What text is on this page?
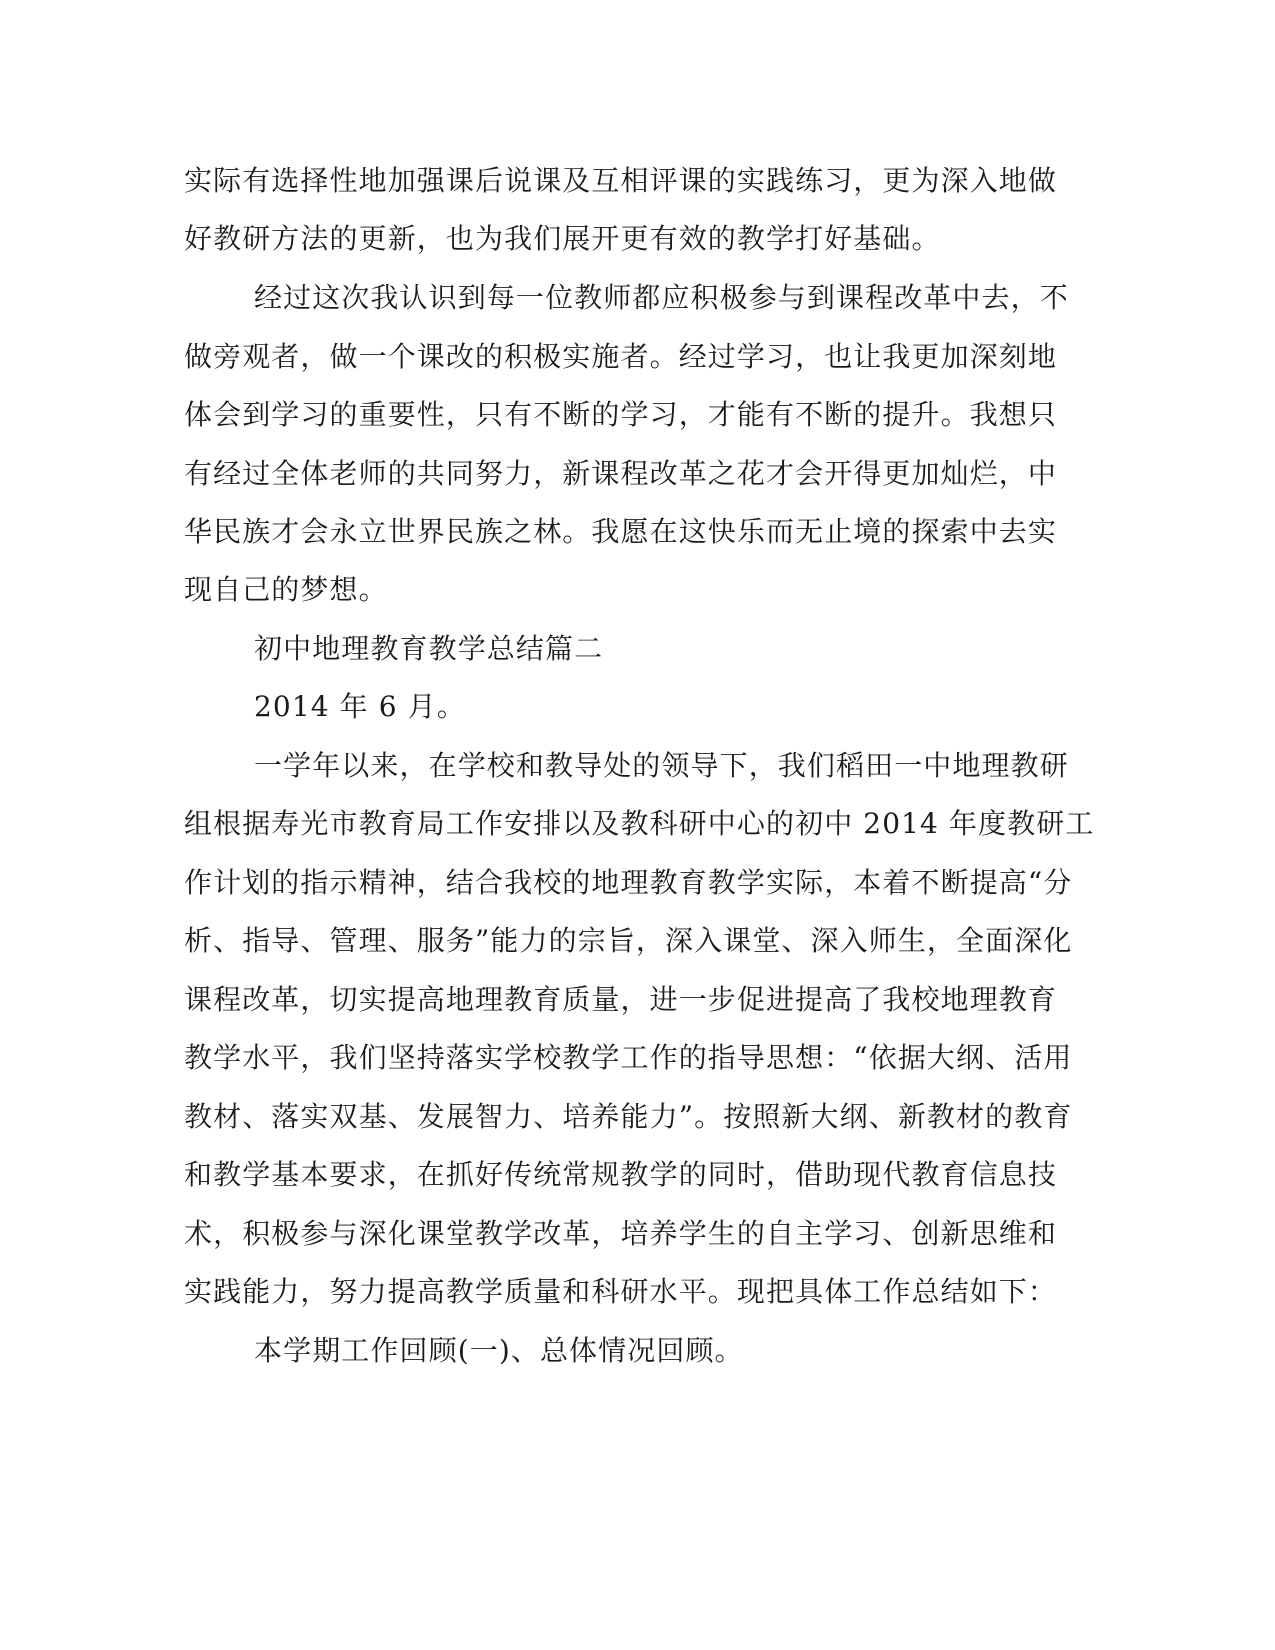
实际有选择性地加强课后说课及互相评课的实践练习，更为深入地做
好教研方法的更新，也为我们展开更有效的教学打好基础。
经过这次我认识到每一位教师都应积极参与到课程改革中去，不
做旁观者，做一个课改的积极实施者。经过学习，也让我更加深刻地
体会到学习的重要性，只有不断的学习，才能有不断的提升。我想只
有经过全体老师的共同努力，新课程改革之花才会开得更加灿烂，中
华民族才会永立世界民族之林。我愿在这快乐而无止境的探索中去实
现自己的梦想。
初中地理教育教学总结篇二
2014 年 6 月。
一学年以来，在学校和教导处的领导下，我们稻田一中地理教研
组根据寿光市教育局工作安排以及教科研中心的初中 2014 年度教研工
作计划的指示精神，结合我校的地理教育教学实际，本着不断提高“分
析、指导、管理、服务”能力的宗旨，深入课堂、深入师生，全面深化
课程改革，切实提高地理教育质量，进一步促进提高了我校地理教育
教学水平，我们坚持落实学校教学工作的指导思想：“依据大纲、活用
教材、落实双基、发展智力、培养能力”。按照新大纲、新教材的教育
和教学基本要求，在抓好传统常规教学的同时，借助现代教育信息技
术，积极参与深化课堂教学改革，培养学生的自主学习、创新思维和
实践能力，努力提高教学质量和科研水平。现把具体工作总结如下：
本学期工作回顾(一)、总体情况回顾。
